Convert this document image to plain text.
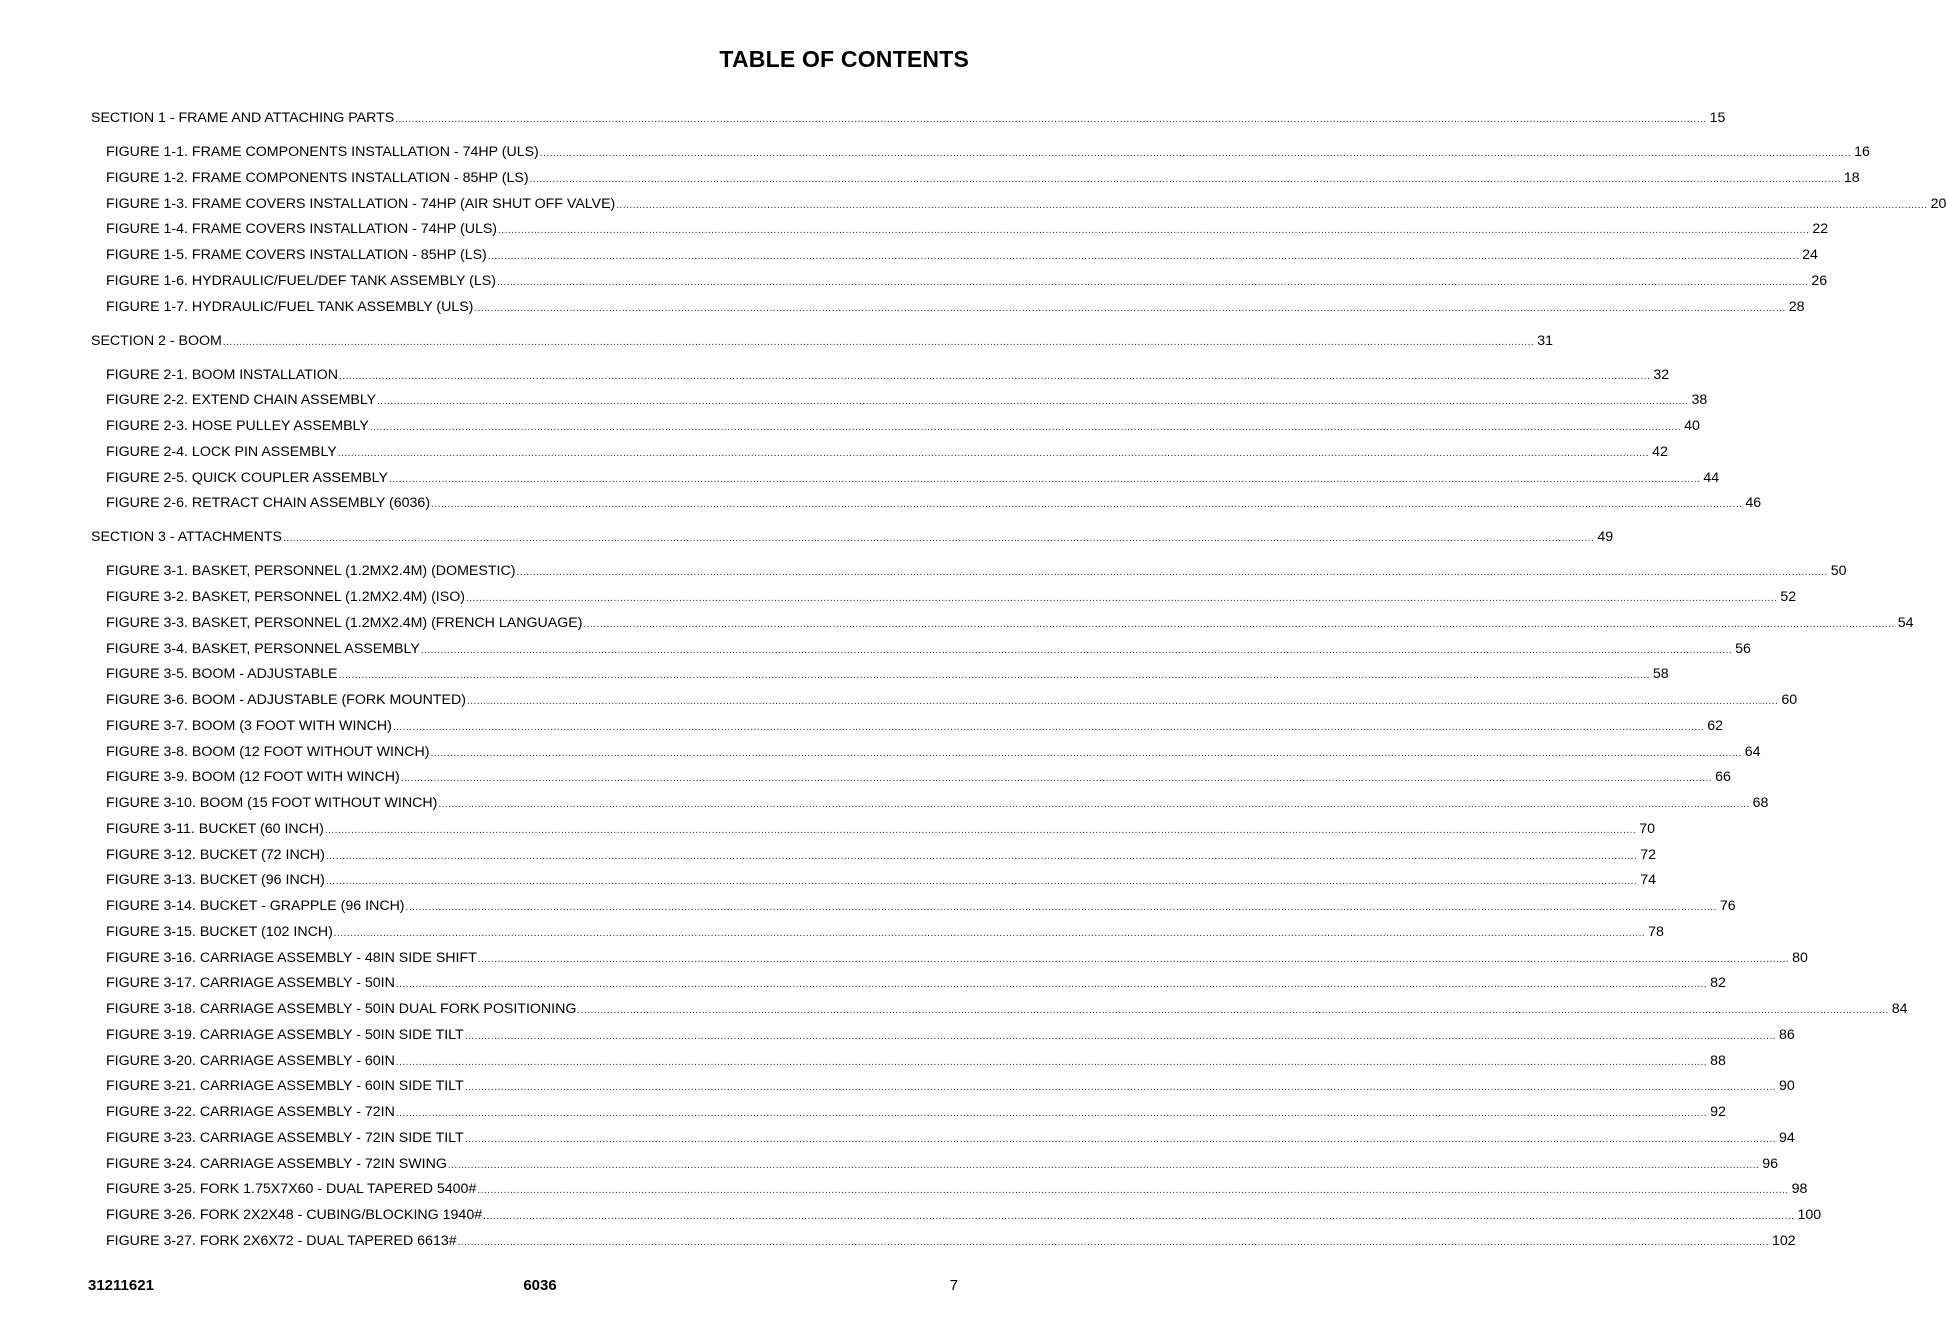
TABLE OF CONTENTS
SECTION 1 - FRAME AND ATTACHING PARTS ................................................................................................................................................................................................................................................................................................................................................................................................................ 15
FIGURE 1-1. FRAME COMPONENTS INSTALLATION - 74HP (ULS) ................................................................................................................................................................................................................................................................................................................................................................................................................ 16
FIGURE 1-2. FRAME COMPONENTS INSTALLATION - 85HP (LS) ................................................................................................................................................................................................................................................................................................................................................................................................................ 18
FIGURE 1-3. FRAME COVERS INSTALLATION - 74HP (AIR SHUT OFF VALVE) ................................................................................................................................................................................................................................................................................................................................................................................................................ 20
FIGURE 1-4. FRAME COVERS INSTALLATION - 74HP (ULS) ................................................................................................................................................................................................................................................................................................................................................................................................................ 22
FIGURE 1-5. FRAME COVERS INSTALLATION - 85HP (LS) ................................................................................................................................................................................................................................................................................................................................................................................................................ 24
FIGURE 1-6. HYDRAULIC/FUEL/DEF TANK ASSEMBLY (LS) ................................................................................................................................................................................................................................................................................................................................................................................................................ 26
FIGURE 1-7. HYDRAULIC/FUEL TANK ASSEMBLY (ULS) ................................................................................................................................................................................................................................................................................................................................................................................................................ 28
SECTION 2 - BOOM ................................................................................................................................................................................................................................................................................................................................................................................................................ 31
FIGURE 2-1. BOOM INSTALLATION ................................................................................................................................................................................................................................................................................................................................................................................................................ 32
FIGURE 2-2. EXTEND CHAIN ASSEMBLY ................................................................................................................................................................................................................................................................................................................................................................................................................ 38
FIGURE 2-3. HOSE PULLEY ASSEMBLY ................................................................................................................................................................................................................................................................................................................................................................................................................ 40
FIGURE 2-4. LOCK PIN ASSEMBLY ................................................................................................................................................................................................................................................................................................................................................................................................................ 42
FIGURE 2-5. QUICK COUPLER ASSEMBLY ................................................................................................................................................................................................................................................................................................................................................................................................................ 44
FIGURE 2-6. RETRACT CHAIN ASSEMBLY (6036) ................................................................................................................................................................................................................................................................................................................................................................................................................ 46
SECTION 3 - ATTACHMENTS ................................................................................................................................................................................................................................................................................................................................................................................................................ 49
FIGURE 3-1. BASKET, PERSONNEL (1.2MX2.4M) (DOMESTIC) ................................................................................................................................................................................................................................................................................................................................................................................................................ 50
FIGURE 3-2. BASKET, PERSONNEL (1.2MX2.4M) (ISO) ................................................................................................................................................................................................................................................................................................................................................................................................................ 52
FIGURE 3-3. BASKET, PERSONNEL (1.2MX2.4M) (FRENCH LANGUAGE) ................................................................................................................................................................................................................................................................................................................................................................................................................ 54
FIGURE 3-4. BASKET, PERSONNEL ASSEMBLY ................................................................................................................................................................................................................................................................................................................................................................................................................ 56
FIGURE 3-5. BOOM - ADJUSTABLE ................................................................................................................................................................................................................................................................................................................................................................................................................ 58
FIGURE 3-6. BOOM - ADJUSTABLE (FORK MOUNTED) ................................................................................................................................................................................................................................................................................................................................................................................................................ 60
FIGURE 3-7. BOOM (3 FOOT WITH WINCH) ................................................................................................................................................................................................................................................................................................................................................................................................................ 62
FIGURE 3-8. BOOM (12 FOOT WITHOUT WINCH) ................................................................................................................................................................................................................................................................................................................................................................................................................ 64
FIGURE 3-9. BOOM (12 FOOT WITH WINCH) ................................................................................................................................................................................................................................................................................................................................................................................................................ 66
FIGURE 3-10. BOOM (15 FOOT WITHOUT WINCH) ................................................................................................................................................................................................................................................................................................................................................................................................................ 68
FIGURE 3-11. BUCKET (60 INCH) ................................................................................................................................................................................................................................................................................................................................................................................................................ 70
FIGURE 3-12. BUCKET (72 INCH) ................................................................................................................................................................................................................................................................................................................................................................................................................ 72
FIGURE 3-13. BUCKET (96 INCH) ................................................................................................................................................................................................................................................................................................................................................................................................................ 74
FIGURE 3-14. BUCKET - GRAPPLE (96 INCH) ................................................................................................................................................................................................................................................................................................................................................................................................................ 76
FIGURE 3-15. BUCKET (102 INCH) ................................................................................................................................................................................................................................................................................................................................................................................................................ 78
FIGURE 3-16. CARRIAGE ASSEMBLY - 48IN SIDE SHIFT ................................................................................................................................................................................................................................................................................................................................................................................................................ 80
FIGURE 3-17. CARRIAGE ASSEMBLY - 50IN ................................................................................................................................................................................................................................................................................................................................................................................................................ 82
FIGURE 3-18. CARRIAGE ASSEMBLY - 50IN DUAL FORK POSITIONING ................................................................................................................................................................................................................................................................................................................................................................................................................ 84
FIGURE 3-19. CARRIAGE ASSEMBLY - 50IN SIDE TILT ................................................................................................................................................................................................................................................................................................................................................................................................................ 86
FIGURE 3-20. CARRIAGE ASSEMBLY - 60IN ................................................................................................................................................................................................................................................................................................................................................................................................................ 88
FIGURE 3-21. CARRIAGE ASSEMBLY - 60IN SIDE TILT ................................................................................................................................................................................................................................................................................................................................................................................................................ 90
FIGURE 3-22. CARRIAGE ASSEMBLY - 72IN ................................................................................................................................................................................................................................................................................................................................................................................................................ 92
FIGURE 3-23. CARRIAGE ASSEMBLY - 72IN SIDE TILT ................................................................................................................................................................................................................................................................................................................................................................................................................ 94
FIGURE 3-24. CARRIAGE ASSEMBLY - 72IN SWING ................................................................................................................................................................................................................................................................................................................................................................................................................ 96
FIGURE 3-25. FORK 1.75X7X60 - DUAL TAPERED 5400# ................................................................................................................................................................................................................................................................................................................................................................................................................ 98
FIGURE 3-26. FORK 2X2X48 - CUBING/BLOCKING 1940# ................................................................................................................................................................................................................................................................................................................................................................................................................ 100
FIGURE 3-27. FORK 2X6X72 - DUAL TAPERED 6613# ................................................................................................................................................................................................................................................................................................................................................................................................................ 102
31211621	6036	7
